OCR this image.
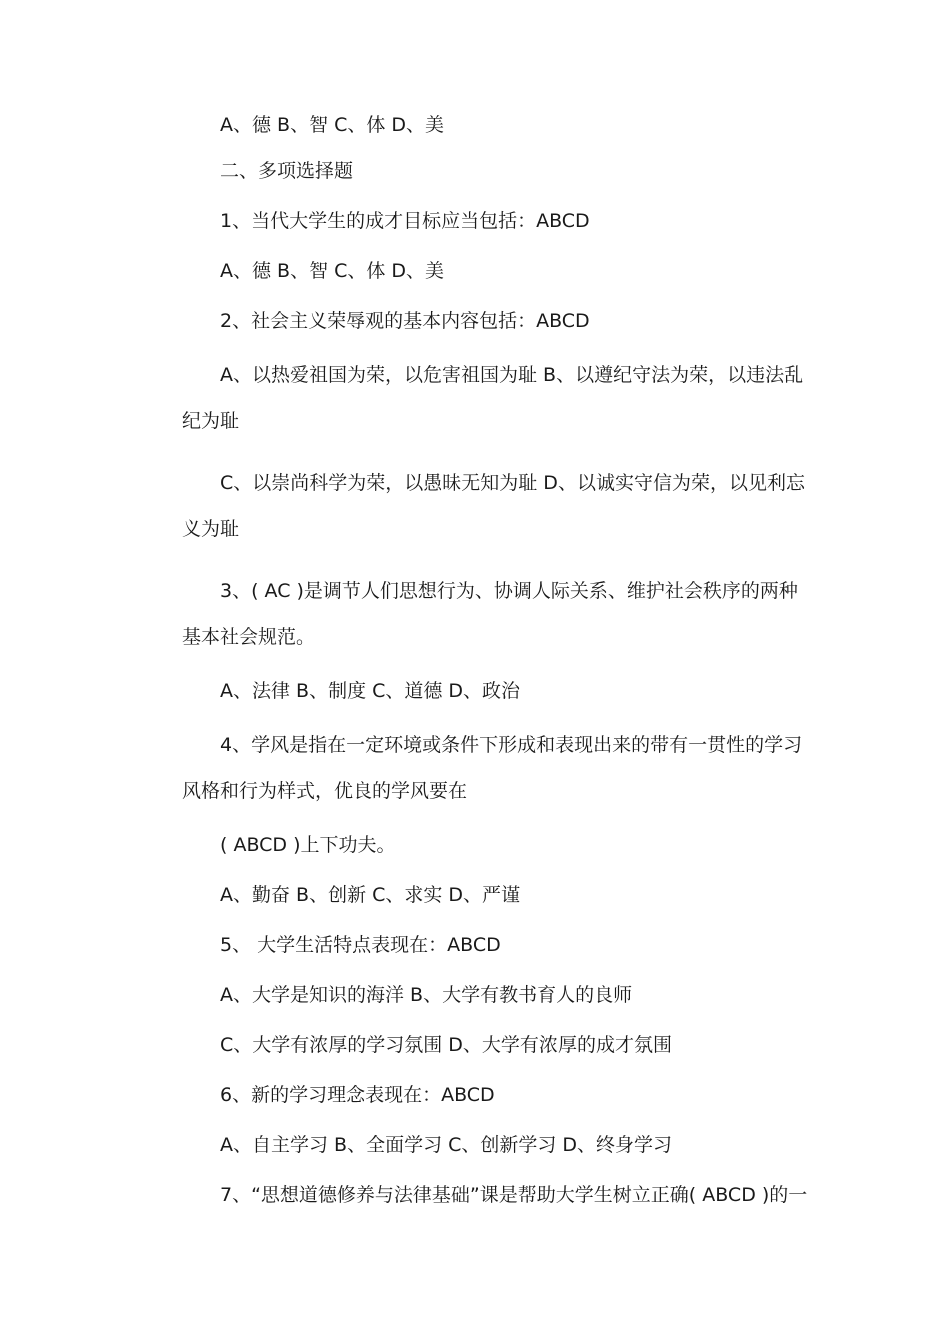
A、德 B、智 C、体 D、美

二、多项选择题

1、当代大学生的成才目标应当包括：ABCD

A、德 B、智 C、体 D、美

2、社会主义荣辱观的基本内容包括：ABCD

A、以热爱祖国为荣，以危害祖国为耻 B、以遵纪守法为荣，以违法乱纪为耻

C、以崇尚科学为荣，以愚昧无知为耻 D、以诚实守信为荣，以见利忘义为耻

3、( AC )是调节人们思想行为、协调人际关系、维护社会秩序的两种基本社会规范。

A、法律 B、制度 C、道德 D、政治

4、学风是指在一定环境或条件下形成和表现出来的带有一贯性的学习风格和行为样式，优良的学风要在

( ABCD )上下功夫。

A、勤奋 B、创新 C、求实 D、严谨

5、 大学生活特点表现在：ABCD

A、大学是知识的海洋 B、大学有教书育人的良师

C、大学有浓厚的学习氛围 D、大学有浓厚的成才氛围

6、新的学习理念表现在：ABCD

A、自主学习 B、全面学习 C、创新学习 D、终身学习

7、“思想道德修养与法律基础”课是帮助大学生树立正确( ABCD )的一
